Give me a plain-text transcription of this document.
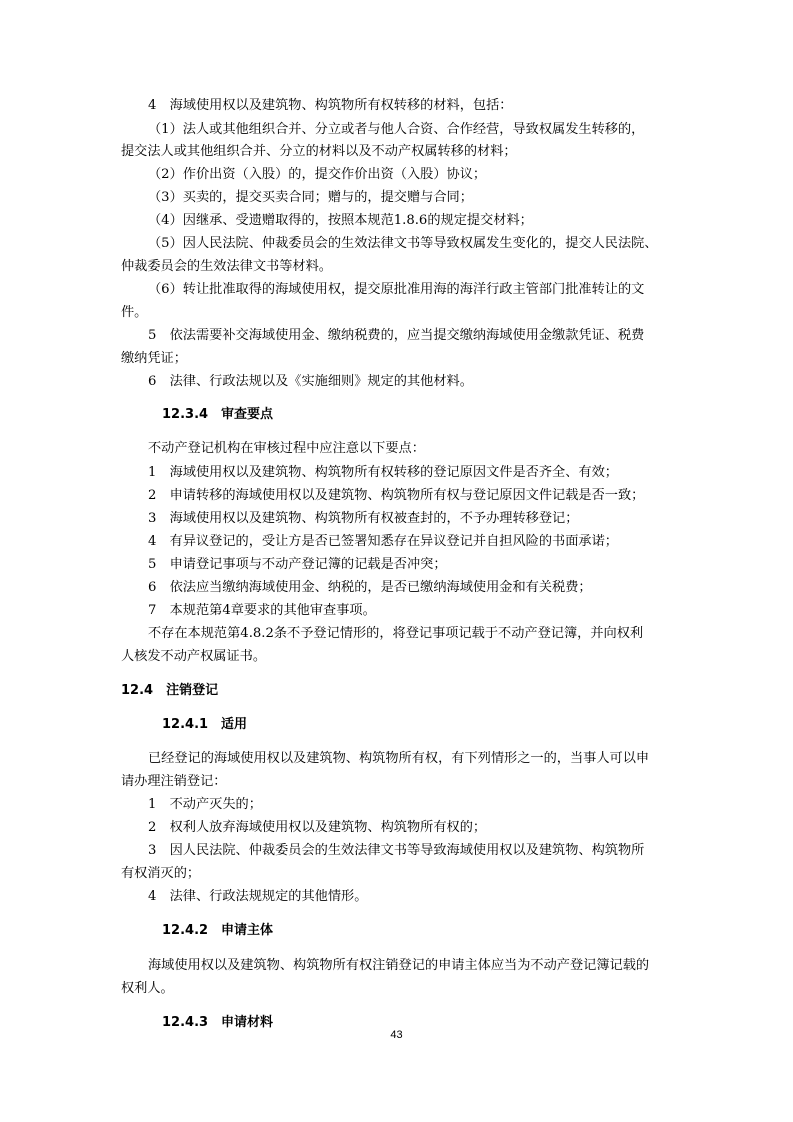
4　海域使用权以及建筑物、构筑物所有权转移的材料，包括：
（1）法人或其他组织合并、分立或者与他人合资、合作经营，导致权属发生转移的，
提交法人或其他组织合并、分立的材料以及不动产权属转移的材料；
（2）作价出资（入股）的，提交作价出资（入股）协议；
（3）买卖的，提交买卖合同；赠与的，提交赠与合同；
（4）因继承、受遗赠取得的，按照本规范1.8.6的规定提交材料；
（5）因人民法院、仲裁委员会的生效法律文书等导致权属发生变化的，提交人民法院、
仲裁委员会的生效法律文书等材料。
（6）转让批准取得的海域使用权，提交原批准用海的海洋行政主管部门批准转让的文
件。
5　依法需要补交海域使用金、缴纳税费的，应当提交缴纳海域使用金缴款凭证、税费
缴纳凭证；
6　法律、行政法规以及《实施细则》规定的其他材料。
12.3.4　审查要点
不动产登记机构在审核过程中应注意以下要点：
1　海域使用权以及建筑物、构筑物所有权转移的登记原因文件是否齐全、有效；
2　申请转移的海域使用权以及建筑物、构筑物所有权与登记原因文件记载是否一致；
3　海域使用权以及建筑物、构筑物所有权被查封的，不予办理转移登记；
4　有异议登记的，受让方是否已签署知悉存在异议登记并自担风险的书面承诺；
5　申请登记事项与不动产登记簿的记载是否冲突；
6　依法应当缴纳海域使用金、纳税的，是否已缴纳海域使用金和有关税费；
7　本规范第4章要求的其他审查事项。
不存在本规范第4.8.2条不予登记情形的，将登记事项记载于不动产登记簿，并向权利
人核发不动产权属证书。
12.4　注销登记
12.4.1　适用
已经登记的海域使用权以及建筑物、构筑物所有权，有下列情形之一的，当事人可以申
请办理注销登记：
1　不动产灭失的；
2　权利人放弃海域使用权以及建筑物、构筑物所有权的；
3　因人民法院、仲裁委员会的生效法律文书等导致海域使用权以及建筑物、构筑物所
有权消灭的；
4　法律、行政法规规定的其他情形。
12.4.2　申请主体
海域使用权以及建筑物、构筑物所有权注销登记的申请主体应当为不动产登记簿记载的
权利人。
12.4.3　申请材料
43
